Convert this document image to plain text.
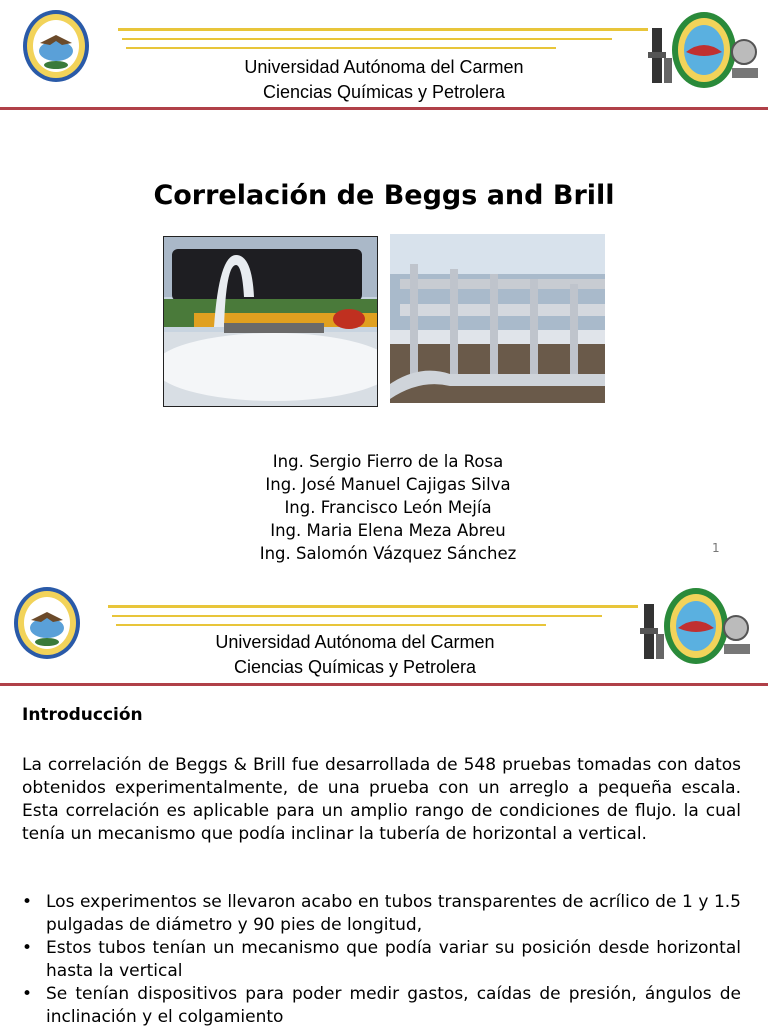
Universidad Autónoma del Carmen
Ciencias Químicas y Petrolera
Correlación de Beggs and Brill
Ing. Sergio Fierro de la Rosa
Ing. José Manuel Cajigas Silva
Ing. Francisco León Mejía
Ing. Maria Elena Meza Abreu
Ing. Salomón Vázquez Sánchez	1
Universidad Autónoma del Carmen
Ciencias Químicas y Petrolera
Introducción
La correlación de Beggs & Brill fue desarrollada de 548 pruebas tomadas con datos obtenidos experimentalmente, de una prueba con un arreglo a pequeña escala. Esta correlación es aplicable para un amplio rango de condiciones de flujo. la cual tenía un mecanismo que podía inclinar la tubería de horizontal a vertical.
• Los experimentos se llevaron acabo en tubos transparentes de acrílico de 1 y 1.5 pulgadas de diámetro y 90 pies de longitud,
• Estos tubos tenían un mecanismo que podía variar su posición desde horizontal hasta la vertical
• Se tenían dispositivos para poder medir gastos, caídas de presión, ángulos de inclinación y el colgamiento
